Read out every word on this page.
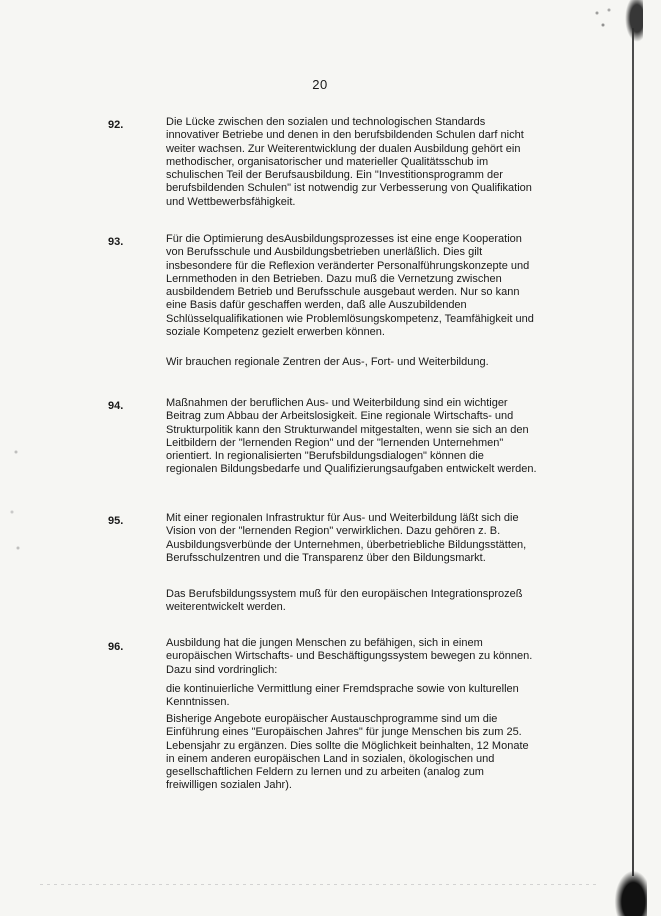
20
92.	Die Lücke zwischen den sozialen und technologischen Standards innovativer Betriebe und denen in den berufsbildenden Schulen darf nicht weiter wachsen. Zur Weiterentwicklung der dualen Ausbildung gehört ein methodischer, organisatorischer und materieller Qualitätsschub im schulischen Teil der Berufsausbildung. Ein "Investitionsprogramm der berufsbildenden Schulen" ist notwendig zur Verbesserung von Qualifikation und Wettbewerbsfähigkeit.

93.	Für die Optimierung desAusbildungsprozesses ist eine enge Kooperation von Berufsschule und Ausbildungsbetrieben unerläßlich. Dies gilt insbesondere für die Reflexion veränderter Personalführungskonzepte und Lernmethoden in den Betrieben. Dazu muß die Vernetzung zwischen ausbildendem Betrieb und Berufsschule ausgebaut werden. Nur so kann eine Basis dafür geschaffen werden, daß alle Auszubildenden Schlüsselqualifikationen wie Problemlösungskompetenz, Teamfähigkeit und soziale Kompetenz gezielt erwerben können.

Wir brauchen regionale Zentren der Aus-, Fort- und Weiterbildung.

94.	Maßnahmen der beruflichen Aus- und Weiterbildung sind ein wichtiger Beitrag zum Abbau der Arbeitslosigkeit. Eine regionale Wirtschafts- und Strukturpolitik kann den Strukturwandel mitgestalten, wenn sie sich an den Leitbildern der "lernenden Region" und der "lernenden Unternehmen" orientiert. In regionalisierten "Berufsbildungsdialogen" können die regionalen Bildungsbedarfe und Qualifizierungsaufgaben entwickelt werden.

95.	Mit einer regionalen Infrastruktur für Aus- und Weiterbildung läßt sich die Vision von der "lernenden Region" verwirklichen. Dazu gehören z. B. Ausbildungsverbünde der Unternehmen, überbetriebliche Bildungsstätten, Berufsschulzentren und die Transparenz über den Bildungsmarkt.

Das Berufsbildungssystem muß für den europäischen Integrationsprozeß weiterentwickelt werden.

96.	Ausbildung hat die jungen Menschen zu befähigen, sich in einem europäischen Wirtschafts- und Beschäftigungssystem bewegen zu können. Dazu sind vordringlich:

die kontinuierliche Vermittlung einer Fremdsprache sowie von kulturellen Kenntnissen.

Bisherige Angebote europäischer Austauschprogramme sind um die Einführung eines "Europäischen Jahres" für junge Menschen bis zum 25. Lebensjahr zu ergänzen. Dies sollte die Möglichkeit beinhalten, 12 Monate in einem anderen europäischen Land in sozialen, ökologischen und gesellschaftlichen Feldern zu lernen und zu arbeiten (analog zum freiwilligen sozialen Jahr).
